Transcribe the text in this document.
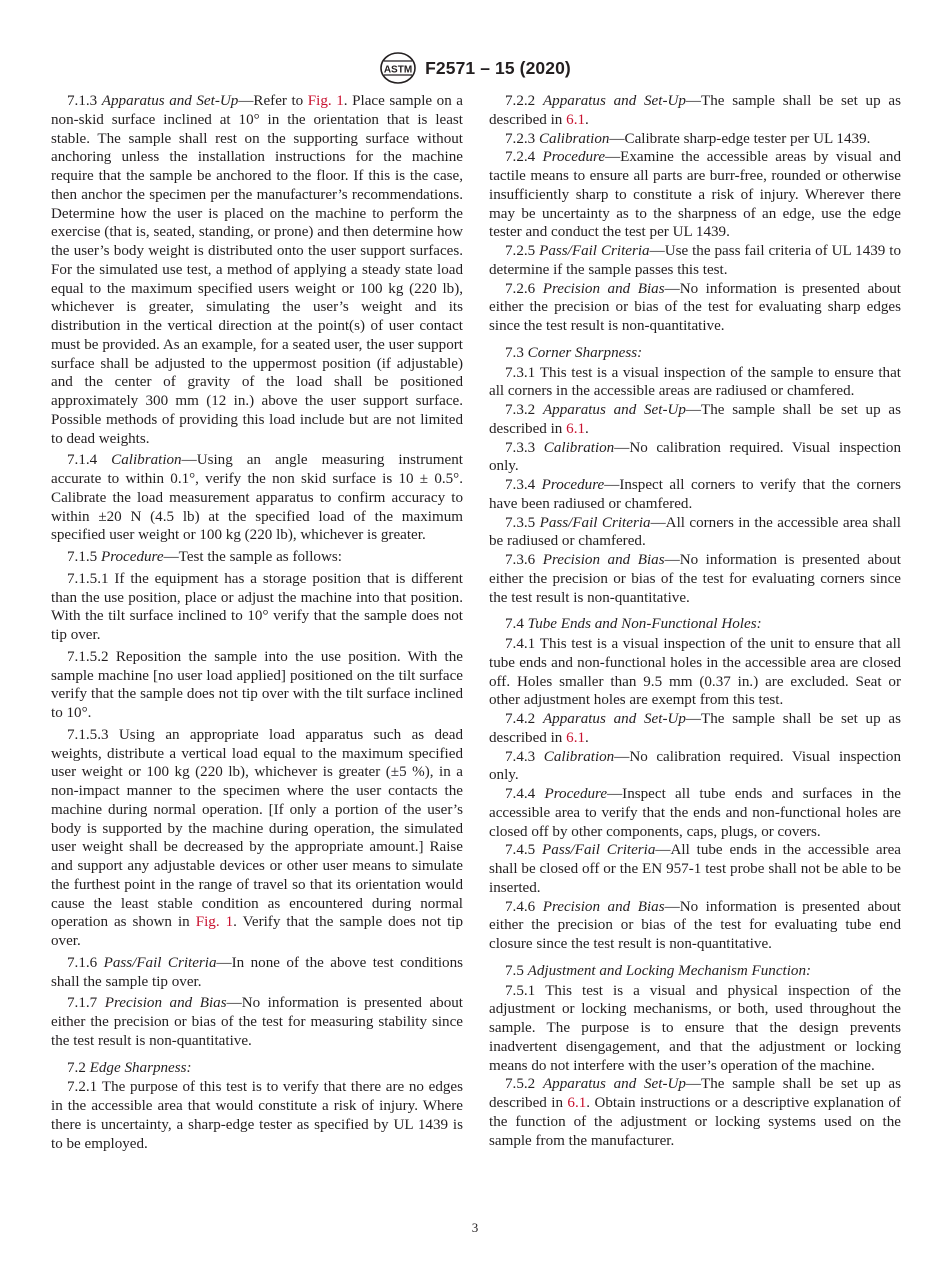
ASTM F2571 – 15 (2020)

7.1.3 Apparatus and Set-Up—Refer to Fig. 1. Place sample on a non-skid surface inclined at 10° in the orientation that is least stable. The sample shall rest on the supporting surface without anchoring unless the installation instructions for the machine require that the sample be anchored to the floor. If this is the case, then anchor the specimen per the manufacturer’s recommendations. Determine how the user is placed on the machine to perform the exercise (that is, seated, standing, or prone) and then determine how the user’s body weight is distributed onto the user support surfaces. For the simulated use test, a method of applying a steady state load equal to the maximum specified users weight or 100 kg (220 lb), whichever is greater, simulating the user’s weight and its distribution in the vertical direction at the point(s) of user contact must be provided. As an example, for a seated user, the user support surface shall be adjusted to the uppermost position (if adjustable) and the center of gravity of the load shall be positioned approximately 300 mm (12 in.) above the user support surface. Possible methods of providing this load include but are not limited to dead weights.

7.1.4 Calibration—Using an angle measuring instrument accurate to within 0.1°, verify the non skid surface is 10 ± 0.5°. Calibrate the load measurement apparatus to confirm accuracy to within ±20 N (4.5 lb) at the specified load of the maximum specified user weight or 100 kg (220 lb), whichever is greater.

7.1.5 Procedure—Test the sample as follows:

7.1.5.1 If the equipment has a storage position that is different than the use position, place or adjust the machine into that position. With the tilt surface inclined to 10° verify that the sample does not tip over.

7.1.5.2 Reposition the sample into the use position. With the sample machine [no user load applied] positioned on the tilt surface verify that the sample does not tip over with the tilt surface inclined to 10°.

7.1.5.3 Using an appropriate load apparatus such as dead weights, distribute a vertical load equal to the maximum specified user weight or 100 kg (220 lb), whichever is greater (±5 %), in a non-impact manner to the specimen where the user contacts the machine during normal operation. [If only a portion of the user’s body is supported by the machine during operation, the simulated user weight shall be decreased by the appropriate amount.] Raise and support any adjustable devices or other user means to simulate the furthest point in the range of travel so that its orientation would cause the least stable condition as encountered during normal operation as shown in Fig. 1. Verify that the sample does not tip over.

7.1.6 Pass/Fail Criteria—In none of the above test conditions shall the sample tip over.

7.1.7 Precision and Bias—No information is presented about either the precision or bias of the test for measuring stability since the test result is non-quantitative.

7.2 Edge Sharpness:

7.2.1 The purpose of this test is to verify that there are no edges in the accessible area that would constitute a risk of injury. Where there is uncertainty, a sharp-edge tester as specified by UL 1439 is to be employed.

7.2.2 Apparatus and Set-Up—The sample shall be set up as described in 6.1.

7.2.3 Calibration—Calibrate sharp-edge tester per UL 1439.

7.2.4 Procedure—Examine the accessible areas by visual and tactile means to ensure all parts are burr-free, rounded or otherwise insufficiently sharp to constitute a risk of injury. Wherever there may be uncertainty as to the sharpness of an edge, use the edge tester and conduct the test per UL 1439.

7.2.5 Pass/Fail Criteria—Use the pass fail criteria of UL 1439 to determine if the sample passes this test.

7.2.6 Precision and Bias—No information is presented about either the precision or bias of the test for evaluating sharp edges since the test result is non-quantitative.

7.3 Corner Sharpness:

7.3.1 This test is a visual inspection of the sample to ensure that all corners in the accessible areas are radiused or chamfered.

7.3.2 Apparatus and Set-Up—The sample shall be set up as described in 6.1.

7.3.3 Calibration—No calibration required. Visual inspection only.

7.3.4 Procedure—Inspect all corners to verify that the corners have been radiused or chamfered.

7.3.5 Pass/Fail Criteria—All corners in the accessible area shall be radiused or chamfered.

7.3.6 Precision and Bias—No information is presented about either the precision or bias of the test for evaluating corners since the test result is non-quantitative.

7.4 Tube Ends and Non-Functional Holes:

7.4.1 This test is a visual inspection of the unit to ensure that all tube ends and non-functional holes in the accessible area are closed off. Holes smaller than 9.5 mm (0.37 in.) are excluded. Seat or other adjustment holes are exempt from this test.

7.4.2 Apparatus and Set-Up—The sample shall be set up as described in 6.1.

7.4.3 Calibration—No calibration required. Visual inspection only.

7.4.4 Procedure—Inspect all tube ends and surfaces in the accessible area to verify that the ends and non-functional holes are closed off by other components, caps, plugs, or covers.

7.4.5 Pass/Fail Criteria—All tube ends in the accessible area shall be closed off or the EN 957-1 test probe shall not be able to be inserted.

7.4.6 Precision and Bias—No information is presented about either the precision or bias of the test for evaluating tube end closure since the test result is non-quantitative.

7.5 Adjustment and Locking Mechanism Function:

7.5.1 This test is a visual and physical inspection of the adjustment or locking mechanisms, or both, used throughout the sample. The purpose is to ensure that the design prevents inadvertent disengagement, and that the adjustment or locking means do not interfere with the user’s operation of the machine.

7.5.2 Apparatus and Set-Up—The sample shall be set up as described in 6.1. Obtain instructions or a descriptive explanation of the function of the adjustment or locking systems used on the sample from the manufacturer.

3
